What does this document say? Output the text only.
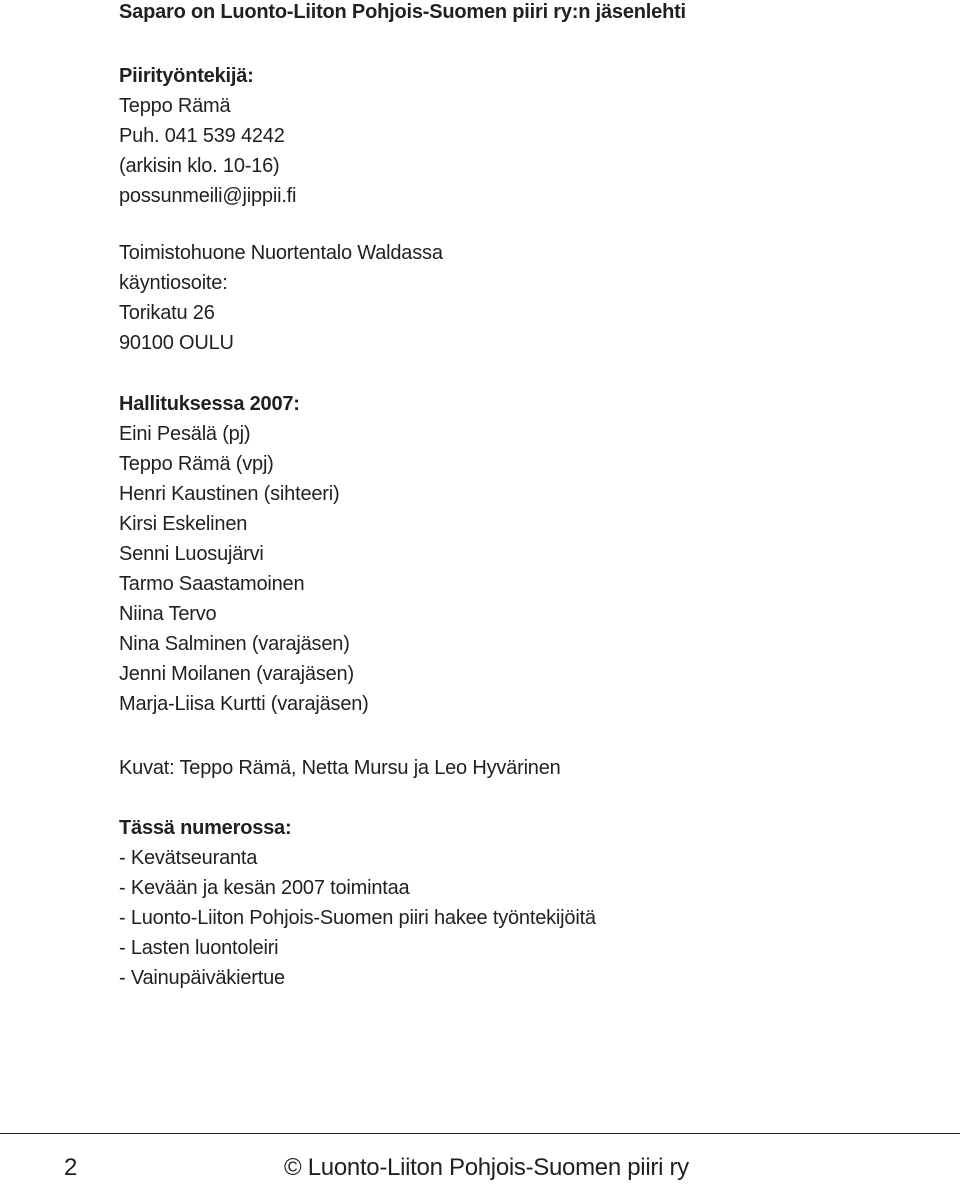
Saparo on Luonto-Liiton Pohjois-Suomen piiri ry:n jäsenlehti
Piirityöntekijä:
Teppo Rämä
Puh. 041 539 4242
(arkisin klo. 10-16)
possunmeili@jippii.fi
Toimistohuone Nuortentalo Waldassa
käyntiosoite:
Torikatu 26
90100 OULU
Hallituksessa 2007:
Eini Pesälä (pj)
Teppo Rämä (vpj)
Henri Kaustinen (sihteeri)
Kirsi Eskelinen
Senni Luosujärvi
Tarmo Saastamoinen
Niina Tervo
Nina Salminen (varajäsen)
Jenni Moilanen (varajäsen)
Marja-Liisa Kurtti (varajäsen)
Kuvat: Teppo Rämä, Netta Mursu ja Leo Hyvärinen
Tässä numerossa:
- Kevätseuranta
- Kevään ja kesän 2007 toimintaa
- Luonto-Liiton Pohjois-Suomen piiri hakee työntekijöitä
- Lasten luontoleiri
- Vainupäiväkiertue
2	© Luonto-Liiton Pohjois-Suomen piiri ry
